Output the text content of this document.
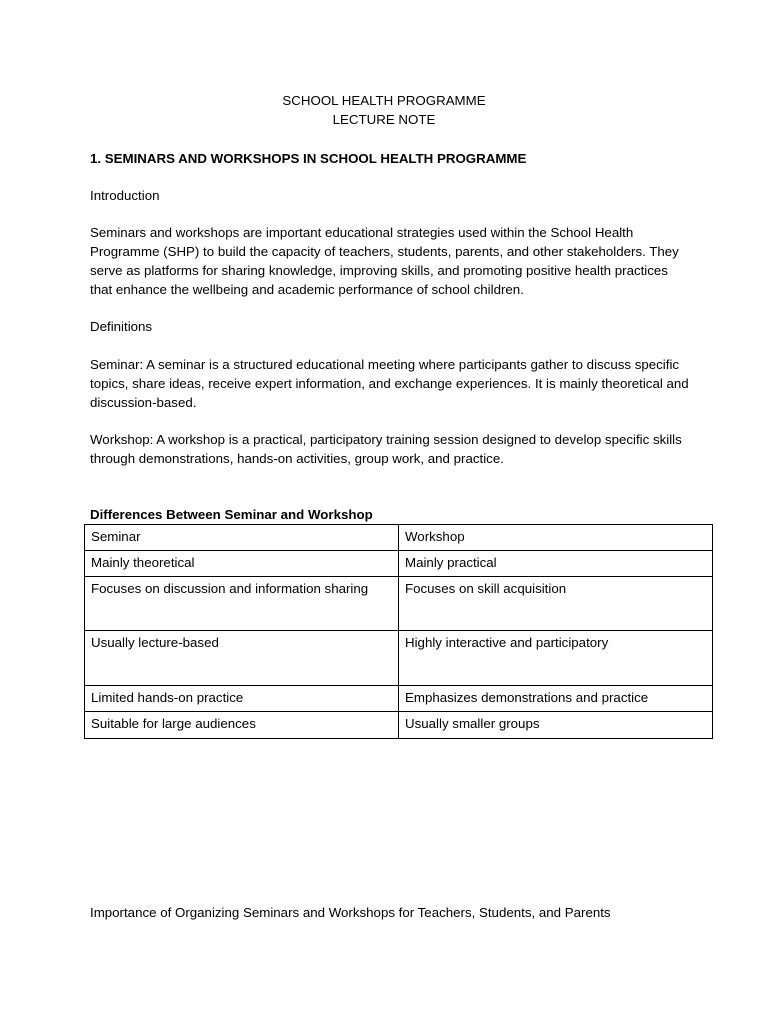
SCHOOL HEALTH PROGRAMME
LECTURE NOTE
1. SEMINARS AND WORKSHOPS IN SCHOOL HEALTH PROGRAMME
Introduction
Seminars and workshops are important educational strategies used within the School Health Programme (SHP) to build the capacity of teachers, students, parents, and other stakeholders. They serve as platforms for sharing knowledge, improving skills, and promoting positive health practices that enhance the wellbeing and academic performance of school children.
Definitions
Seminar: A seminar is a structured educational meeting where participants gather to discuss specific topics, share ideas, receive expert information, and exchange experiences. It is mainly theoretical and discussion-based.
Workshop: A workshop is a practical, participatory training session designed to develop specific skills through demonstrations, hands-on activities, group work, and practice.
Differences Between Seminar and Workshop
Seminar	Workshop
Mainly theoretical	Mainly practical
Focuses on discussion and information sharing	Focuses on skill acquisition
Usually lecture-based	Highly interactive and participatory
Limited hands-on practice	Emphasizes demonstrations and practice
Suitable for large audiences	Usually smaller groups
Importance of Organizing Seminars and Workshops for Teachers, Students, and Parents
